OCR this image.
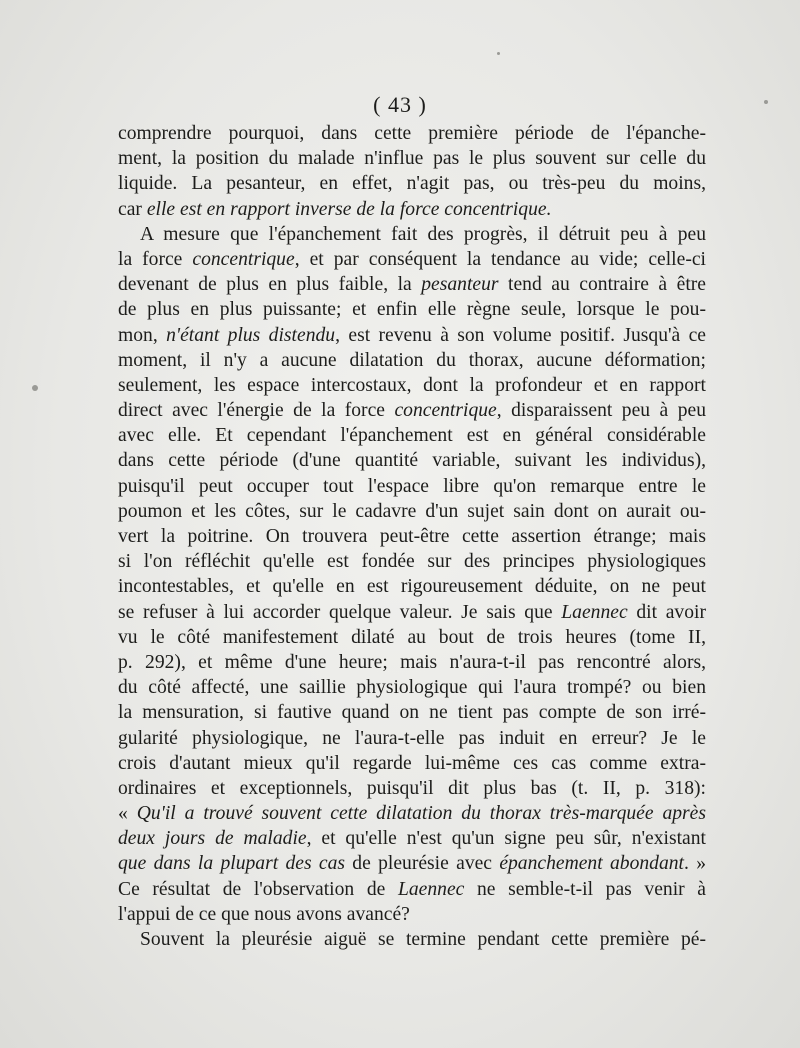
( 43 )
comprendre pourquoi, dans cette première période de l'épanche-
ment, la position du malade n'influe pas le plus souvent sur celle du
liquide. La pesanteur, en effet, n'agit pas, ou très-peu du moins,
car elle est en rapport inverse de la force concentrique.
A mesure que l'épanchement fait des progrès, il détruit peu à peu
la force concentrique, et par conséquent la tendance au vide; celle-ci
devenant de plus en plus faible, la pesanteur tend au contraire à être
de plus en plus puissante; et enfin elle règne seule, lorsque le pou-
mon, n'étant plus distendu, est revenu à son volume positif. Jusqu'à ce
moment, il n'y a aucune dilatation du thorax, aucune déformation;
seulement, les espace intercostaux, dont la profondeur et en rapport
direct avec l'énergie de la force concentrique, disparaissent peu à peu
avec elle. Et cependant l'épanchement est en général considérable
dans cette période (d'une quantité variable, suivant les individus),
puisqu'il peut occuper tout l'espace libre qu'on remarque entre le
poumon et les côtes, sur le cadavre d'un sujet sain dont on aurait ou-
vert la poitrine. On trouvera peut-être cette assertion étrange; mais
si l'on réfléchit qu'elle est fondée sur des principes physiologiques
incontestables, et qu'elle en est rigoureusement déduite, on ne peut
se refuser à lui accorder quelque valeur. Je sais que Laennec dit avoir
vu le côté manifestement dilaté au bout de trois heures (tome II,
p. 292), et même d'une heure; mais n'aura-t-il pas rencontré alors,
du côté affecté, une saillie physiologique qui l'aura trompé? ou bien
la mensuration, si fautive quand on ne tient pas compte de son irré-
gularité physiologique, ne l'aura-t-elle pas induit en erreur? Je le
crois d'autant mieux qu'il regarde lui-même ces cas comme extra-
ordinaires et exceptionnels, puisqu'il dit plus bas (t. II, p. 318):
« Qu'il a trouvé souvent cette dilatation du thorax très-marquée après
deux jours de maladie, et qu'elle n'est qu'un signe peu sûr, n'existant
que dans la plupart des cas de pleurésie avec épanchement abondant. »
Ce résultat de l'observation de Laennec ne semble-t-il pas venir à
l'appui de ce que nous avons avancé?
Souvent la pleurésie aiguë se termine pendant cette première pé-
